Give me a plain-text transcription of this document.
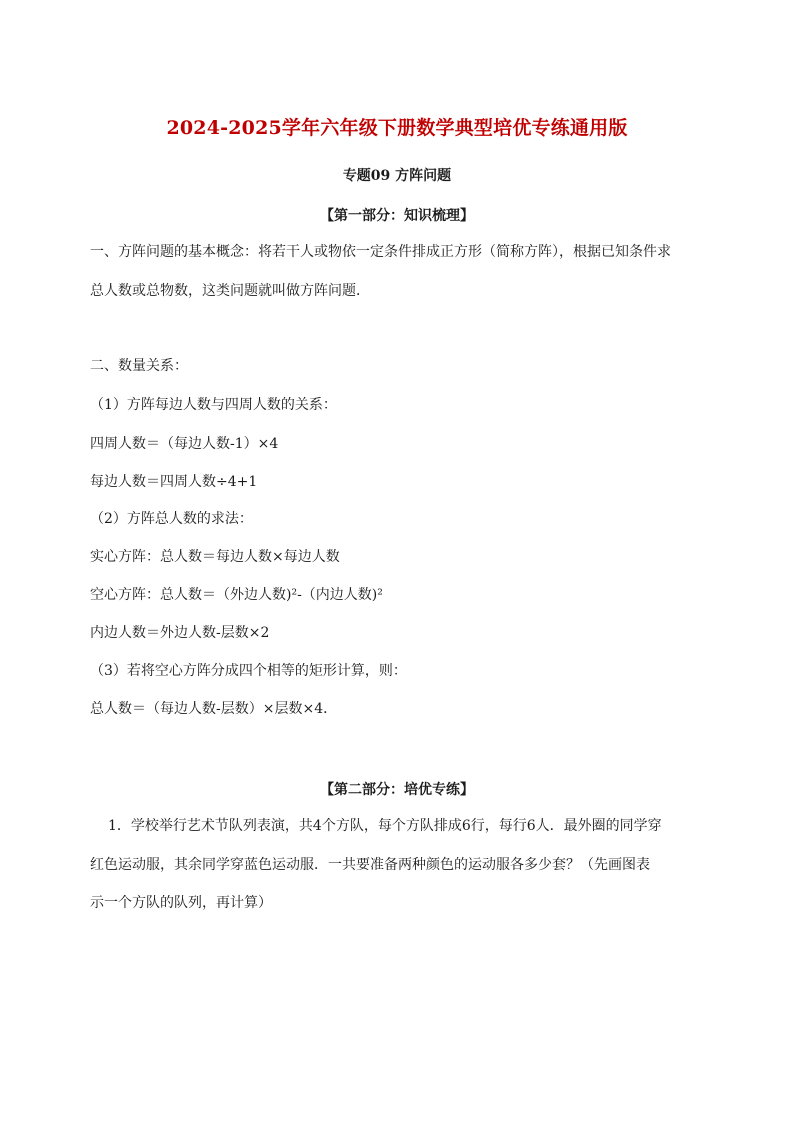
2024-2025学年六年级下册数学典型培优专练通用版
专题09 方阵问题
【第一部分：知识梳理】
一、方阵问题的基本概念：将若干人或物依一定条件排成正方形（简称方阵），根据已知条件求
总人数或总物数，这类问题就叫做方阵问题．
二、数量关系：
（1）方阵每边人数与四周人数的关系：
四周人数＝（每边人数-1）×4
每边人数＝四周人数÷4+1
（2）方阵总人数的求法：
实心方阵：总人数＝每边人数×每边人数
空心方阵：总人数＝（外边人数)²-（内边人数)²
内边人数＝外边人数-层数×2
（3）若将空心方阵分成四个相等的矩形计算，则：
总人数＝（每边人数-层数）×层数×4．
【第二部分：培优专练】
1．学校举行艺术节队列表演，共4个方队，每个方队排成6行，每行6人．最外圈的同学穿
红色运动服，其余同学穿蓝色运动服．一共要准备两种颜色的运动服各多少套？（先画图表
示一个方队的队列，再计算）
